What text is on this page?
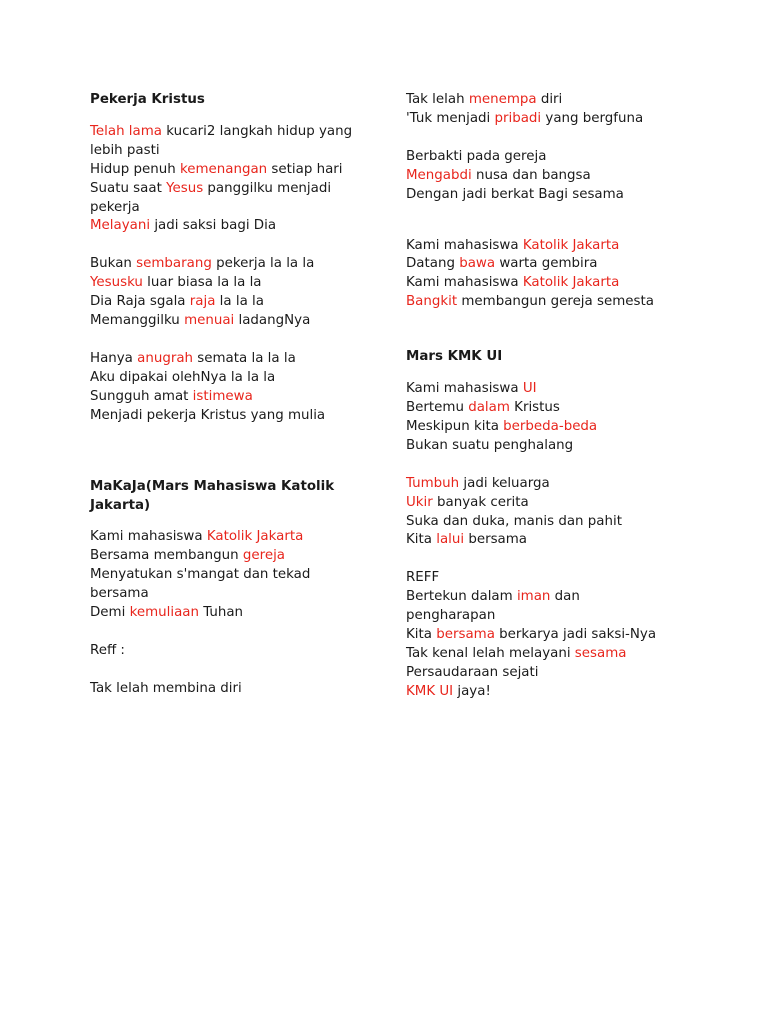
Pekerja Kristus
Telah lama kucari2 langkah hidup yang
lebih pasti
Hidup penuh kemenangan setiap hari
Suatu saat Yesus panggilku menjadi
pekerja
Melayani jadi saksi bagi Dia
Bukan sembarang pekerja la la la
Yesusku luar biasa la la la
Dia Raja sgala raja la la la
Memanggilku menuai ladangNya
Hanya anugrah semata la la la
Aku dipakai olehNya la la la
Sungguh amat istimewa
Menjadi pekerja Kristus yang mulia
MaKaJa(Mars Mahasiswa Katolik
Jakarta)
Kami mahasiswa Katolik Jakarta
Bersama membangun gereja
Menyatukan s'mangat dan tekad
bersama
Demi kemuliaan Tuhan
Reff :
Tak lelah membina diri
Tak lelah menempa diri
'Tuk menjadi pribadi yang bergfuna
Berbakti pada gereja
Mengabdi nusa dan bangsa
Dengan jadi berkat Bagi sesama
Kami mahasiswa Katolik Jakarta
Datang bawa warta gembira
Kami mahasiswa Katolik Jakarta
Bangkit membangun gereja semesta
Mars KMK UI
Kami mahasiswa UI
Bertemu dalam Kristus
Meskipun kita berbeda-beda
Bukan suatu penghalang
Tumbuh jadi keluarga
Ukir banyak cerita
Suka dan duka, manis dan pahit
Kita lalui bersama
REFF
Bertekun dalam iman dan
pengharapan
Kita bersama berkarya jadi saksi-Nya
Tak kenal lelah melayani sesama
Persaudaraan sejati
KMK UI jaya!
